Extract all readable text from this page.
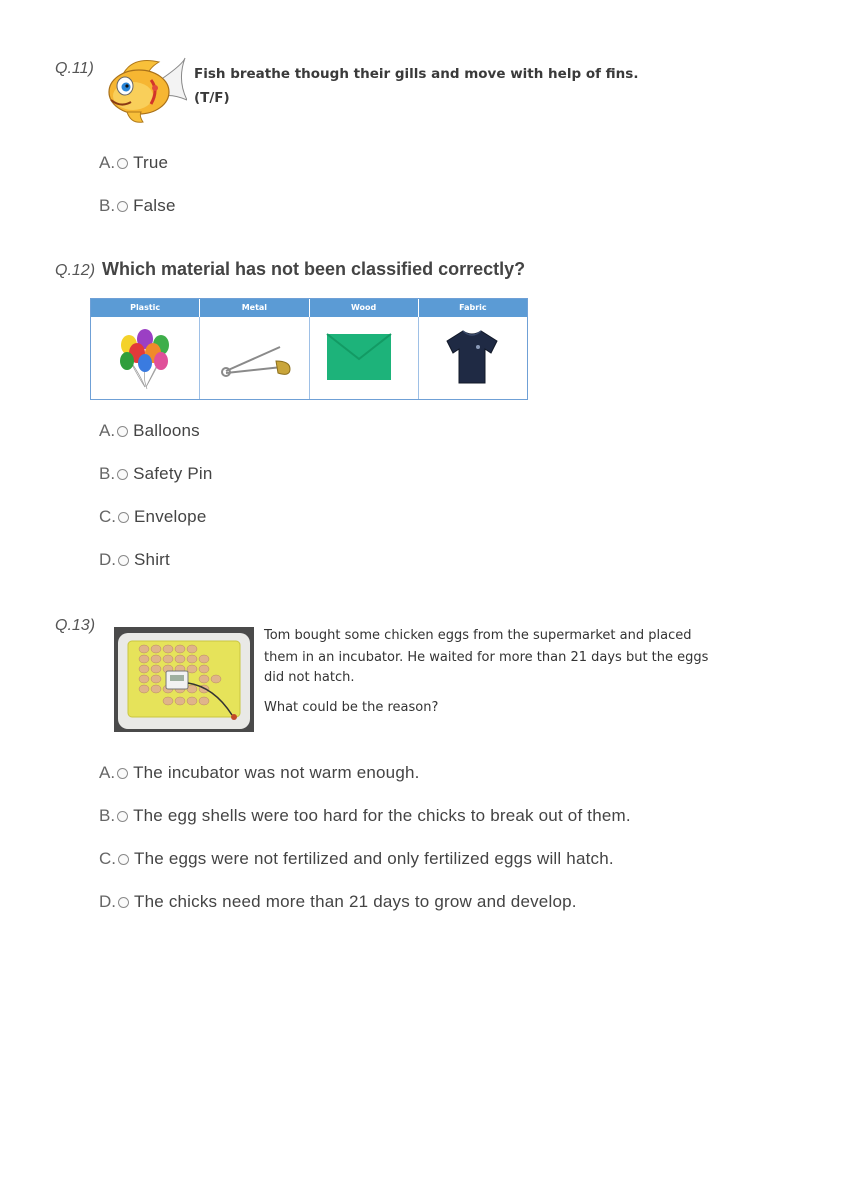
Q.11)	Fish breathe though their gills and move with help of fins.
(T/F)
A. True
B. False
Q.12) Which material has not been classified correctly?
Plastic	Metal	Wood	Fabric
A. Balloons
B. Safety Pin
C. Envelope
D. Shirt
Q.13)
Tom bought some chicken eggs from the supermarket and placed
them in an incubator. He waited for more than 21 days but the eggs
did not hatch.
What could be the reason?
A. The incubator was not warm enough.
B. The egg shells were too hard for the chicks to break out of them.
C. The eggs were not fertilized and only fertilized eggs will hatch.
D. The chicks need more than 21 days to grow and develop.
